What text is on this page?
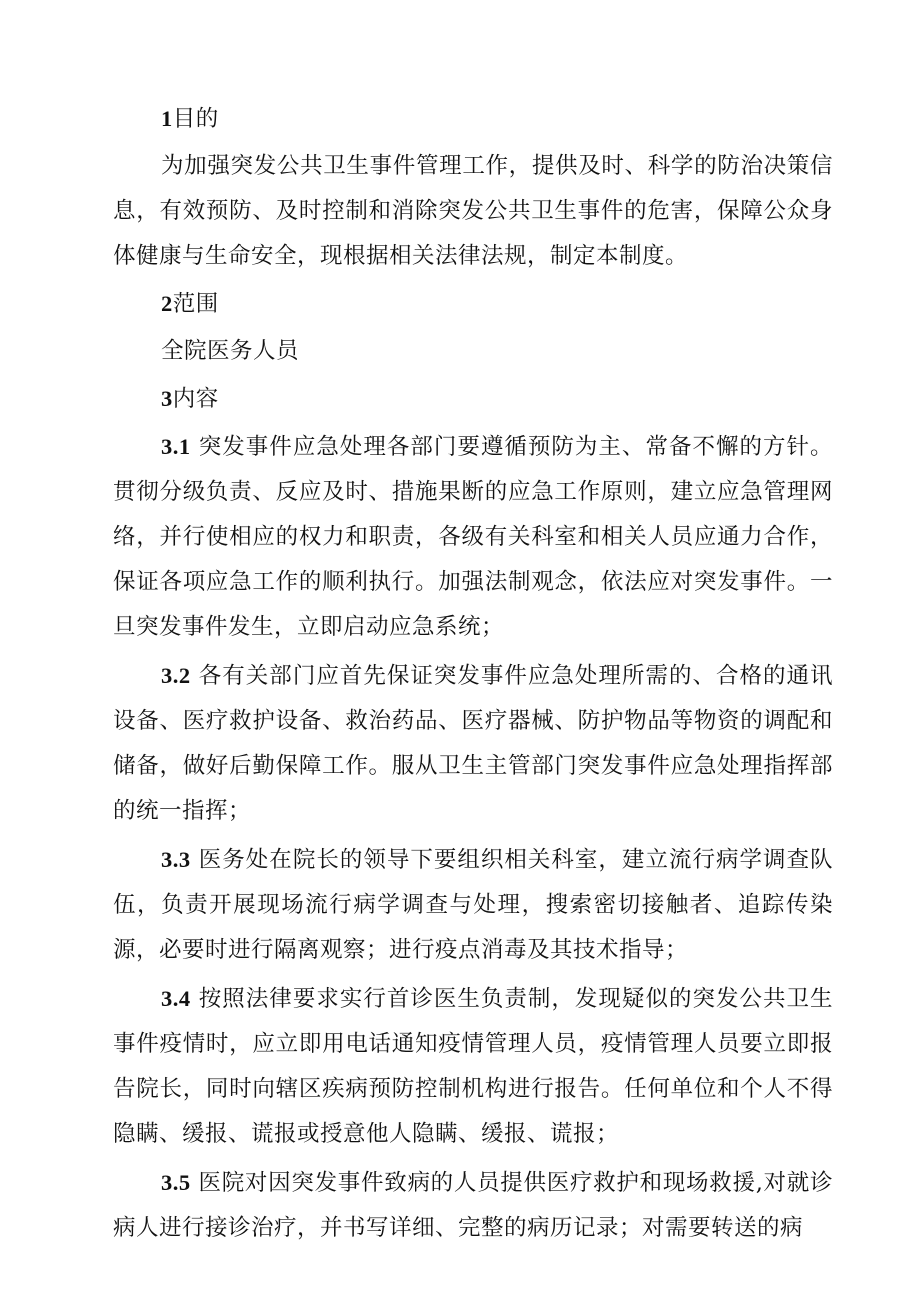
1目的

为加强突发公共卫生事件管理工作，提供及时、科学的防治决策信息，有效预防、及时控制和消除突发公共卫生事件的危害，保障公众身体健康与生命安全，现根据相关法律法规，制定本制度。

2范围

全院医务人员

3内容

3.1 突发事件应急处理各部门要遵循预防为主、常备不懈的方针。贯彻分级负责、反应及时、措施果断的应急工作原则，建立应急管理网络，并行使相应的权力和职责，各级有关科室和相关人员应通力合作，保证各项应急工作的顺利执行。加强法制观念，依法应对突发事件。一旦突发事件发生，立即启动应急系统；

3.2 各有关部门应首先保证突发事件应急处理所需的、合格的通讯设备、医疗救护设备、救治药品、医疗器械、防护物品等物资的调配和储备，做好后勤保障工作。服从卫生主管部门突发事件应急处理指挥部的统一指挥；

3.3 医务处在院长的领导下要组织相关科室，建立流行病学调查队伍，负责开展现场流行病学调查与处理，搜索密切接触者、追踪传染源，必要时进行隔离观察；进行疫点消毒及其技术指导；

3.4 按照法律要求实行首诊医生负责制，发现疑似的突发公共卫生事件疫情时，应立即用电话通知疫情管理人员，疫情管理人员要立即报告院长，同时向辖区疾病预防控制机构进行报告。任何单位和个人不得隐瞒、缓报、谎报或授意他人隐瞒、缓报、谎报；

3.5 医院对因突发事件致病的人员提供医疗救护和现场救援,对就诊病人进行接诊治疗，并书写详细、完整的病历记录；对需要转送的病
